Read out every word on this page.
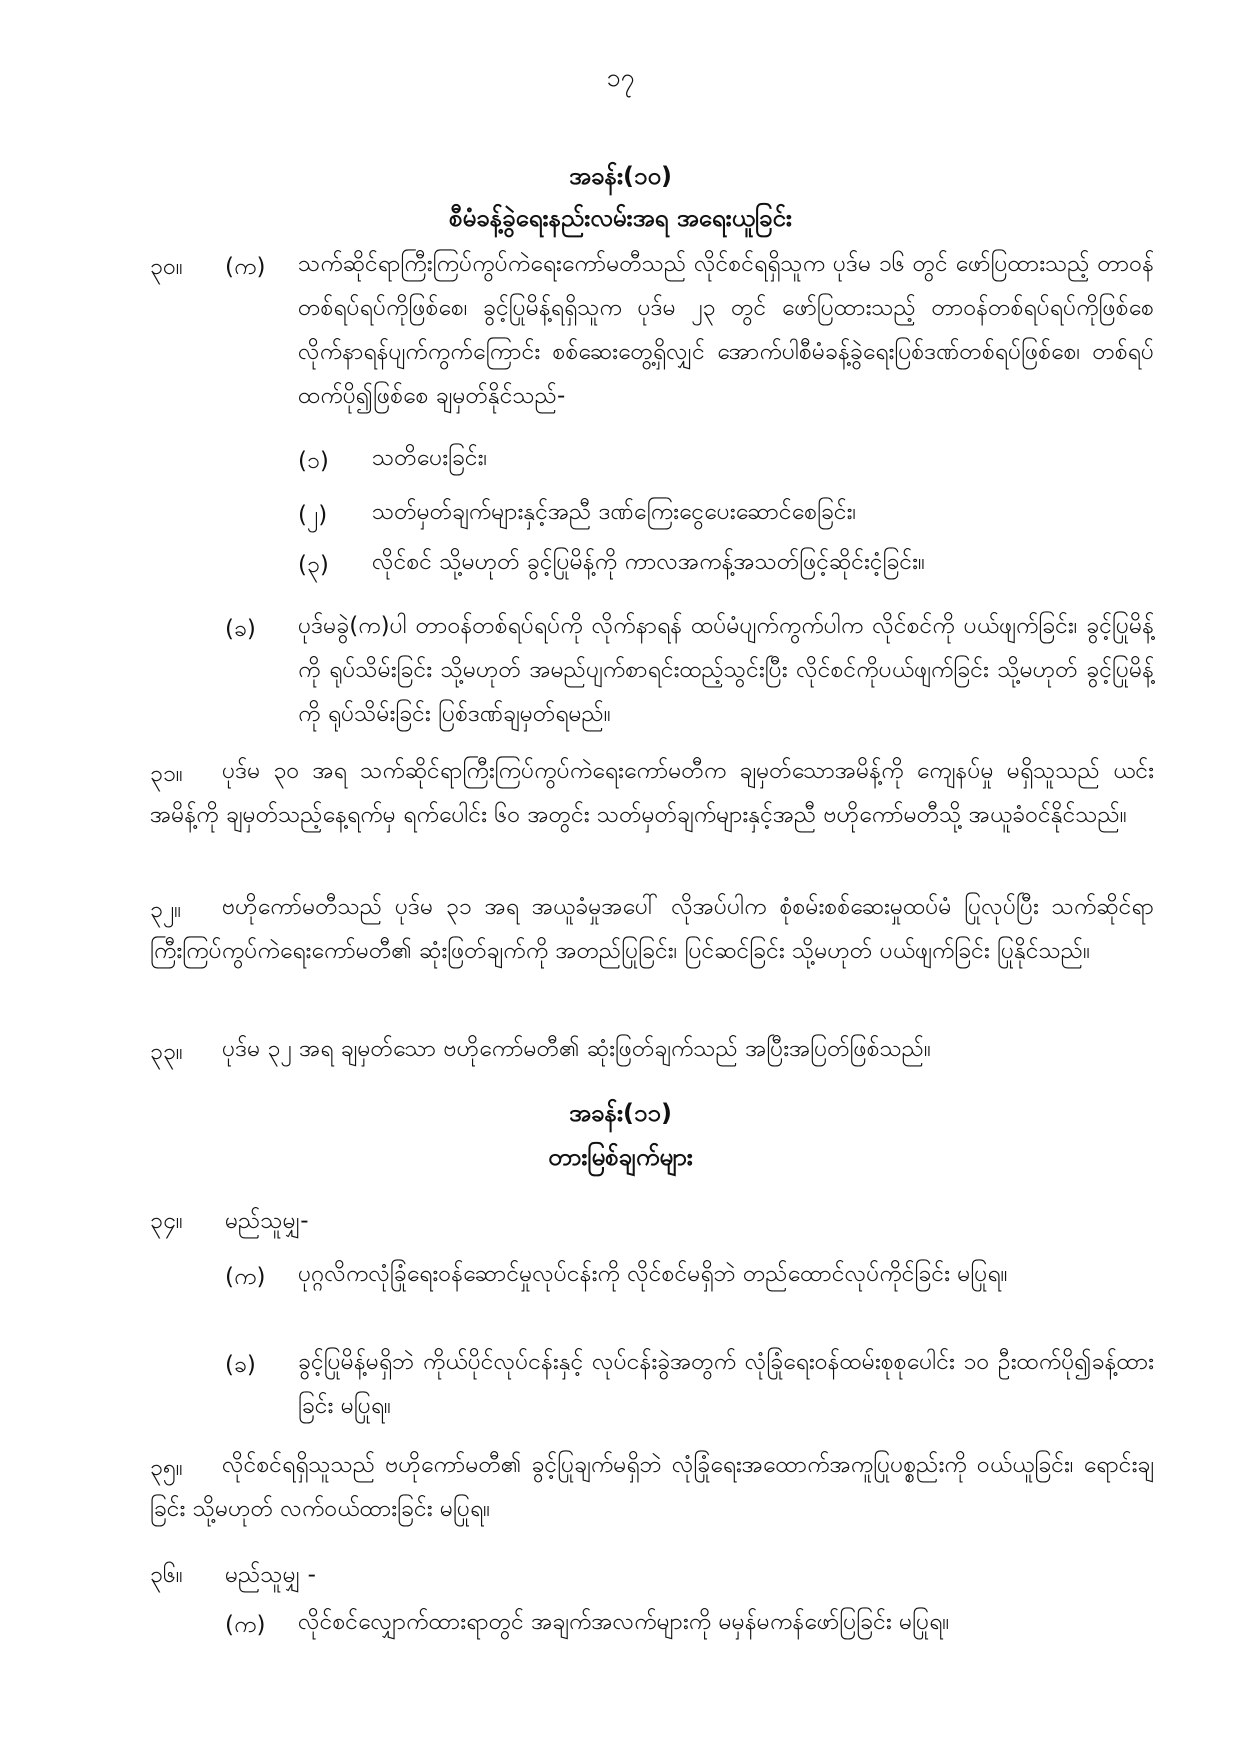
၁၇
အခန်း(၁၀)
စီမံခန့်ခွဲရေးနည်းလမ်းအရ အရေးယူခြင်း
၃၀။ (က) သက်ဆိုင်ရာကြီးကြပ်ကွပ်ကဲရေးကော်မတီသည် လိုင်စင်ရရှိသူက ပုဒ်မ ၁၆ တွင် ဖော်ပြထားသည့် တာဝန်တစ်ရပ်ရပ်ကိုဖြစ်စေ၊ ခွင့်ပြုမိန့်ရရှိသူက ပုဒ်မ ၂၃ တွင် ဖော်ပြထားသည့် တာဝန်တစ်ရပ်ရပ်ကိုဖြစ်စေ လိုက်နာရန်ပျက်ကွက်ကြောင်း စစ်ဆေးတွေ့ရှိလျှင် အောက်ပါစီမံခန့်ခွဲရေးပြစ်ဒဏ်တစ်ရပ်ဖြစ်စေ၊ တစ်ရပ်ထက်ပို၍ဖြစ်စေ ချမှတ်နိုင်သည်-
(၁) သတိပေးခြင်း၊
(၂) သတ်မှတ်ချက်များနှင့်အညီ ဒဏ်ကြေးငွေပေးဆောင်စေခြင်း၊
(၃) လိုင်စင် သို့မဟုတ် ခွင့်ပြုမိန့်ကို ကာလအကန့်အသတ်ဖြင့်ဆိုင်းငံ့ခြင်း။
(ခ) ပုဒ်မခွဲ(က)ပါ တာဝန်တစ်ရပ်ရပ်ကို လိုက်နာရန် ထပ်မံပျက်ကွက်ပါက လိုင်စင်ကို ပယ်ဖျက်ခြင်း၊ ခွင့်ပြုမိန့်ကို ရုပ်သိမ်းခြင်း သို့မဟုတ် အမည်ပျက်စာရင်းထည့်သွင်းပြီး လိုင်စင်ကိုပယ်ဖျက်ခြင်း သို့မဟုတ် ခွင့်ပြုမိန့်ကို ရုပ်သိမ်းခြင်း ပြစ်ဒဏ်ချမှတ်ရမည်။
၃၁။	ပုဒ်မ ၃၀ အရ သက်ဆိုင်ရာကြီးကြပ်ကွပ်ကဲရေးကော်မတီက ချမှတ်သောအမိန့်ကို ကျေနပ်မှု မရှိသူသည် ယင်းအမိန့်ကို ချမှတ်သည့်နေ့ရက်မှ ရက်ပေါင်း ၆၀ အတွင်း သတ်မှတ်ချက်များနှင့်အညီ ဗဟိုကော်မတီသို့ အယူခံဝင်နိုင်သည်။
၃၂။	ဗဟိုကော်မတီသည် ပုဒ်မ ၃၁ အရ အယူခံမှုအပေါ် လိုအပ်ပါက စုံစမ်းစစ်ဆေးမှုထပ်မံ ပြုလုပ်ပြီး သက်ဆိုင်ရာကြီးကြပ်ကွပ်ကဲရေးကော်မတီ၏ ဆုံးဖြတ်ချက်ကို အတည်ပြုခြင်း၊ ပြင်ဆင်ခြင်း သို့မဟုတ် ပယ်ဖျက်ခြင်း ပြုနိုင်သည်။
၃၃။	ပုဒ်မ ၃၂ အရ ချမှတ်သော ဗဟိုကော်မတီ၏ ဆုံးဖြတ်ချက်သည် အပြီးအပြတ်ဖြစ်သည်။
အခန်း(၁၁)
တားမြစ်ချက်များ
၃၄။ မည်သူမျှ-
(က) ပုဂ္ဂလိကလုံခြုံရေးဝန်ဆောင်မှုလုပ်ငန်းကို လိုင်စင်မရှိဘဲ တည်ထောင်လုပ်ကိုင်ခြင်း မပြုရ။
(ခ) ခွင့်ပြုမိန့်မရှိဘဲ ကိုယ်ပိုင်လုပ်ငန်းနှင့် လုပ်ငန်းခွဲအတွက် လုံခြုံရေးဝန်ထမ်းစုစုပေါင်း ၁၀ ဦးထက်ပို၍ခန့်ထားခြင်း မပြုရ။
၃၅။	လိုင်စင်ရရှိသူသည် ဗဟိုကော်မတီ၏ ခွင့်ပြုချက်မရှိဘဲ လုံခြုံရေးအထောက်အကူပြုပစ္စည်းကို ဝယ်ယူခြင်း၊ ရောင်းချခြင်း သို့မဟုတ် လက်ဝယ်ထားခြင်း မပြုရ။
၃၆။ မည်သူမျှ -
(က) လိုင်စင်လျှောက်ထားရာတွင် အချက်အလက်များကို မမှန်မကန်ဖော်ပြခြင်း မပြုရ။
